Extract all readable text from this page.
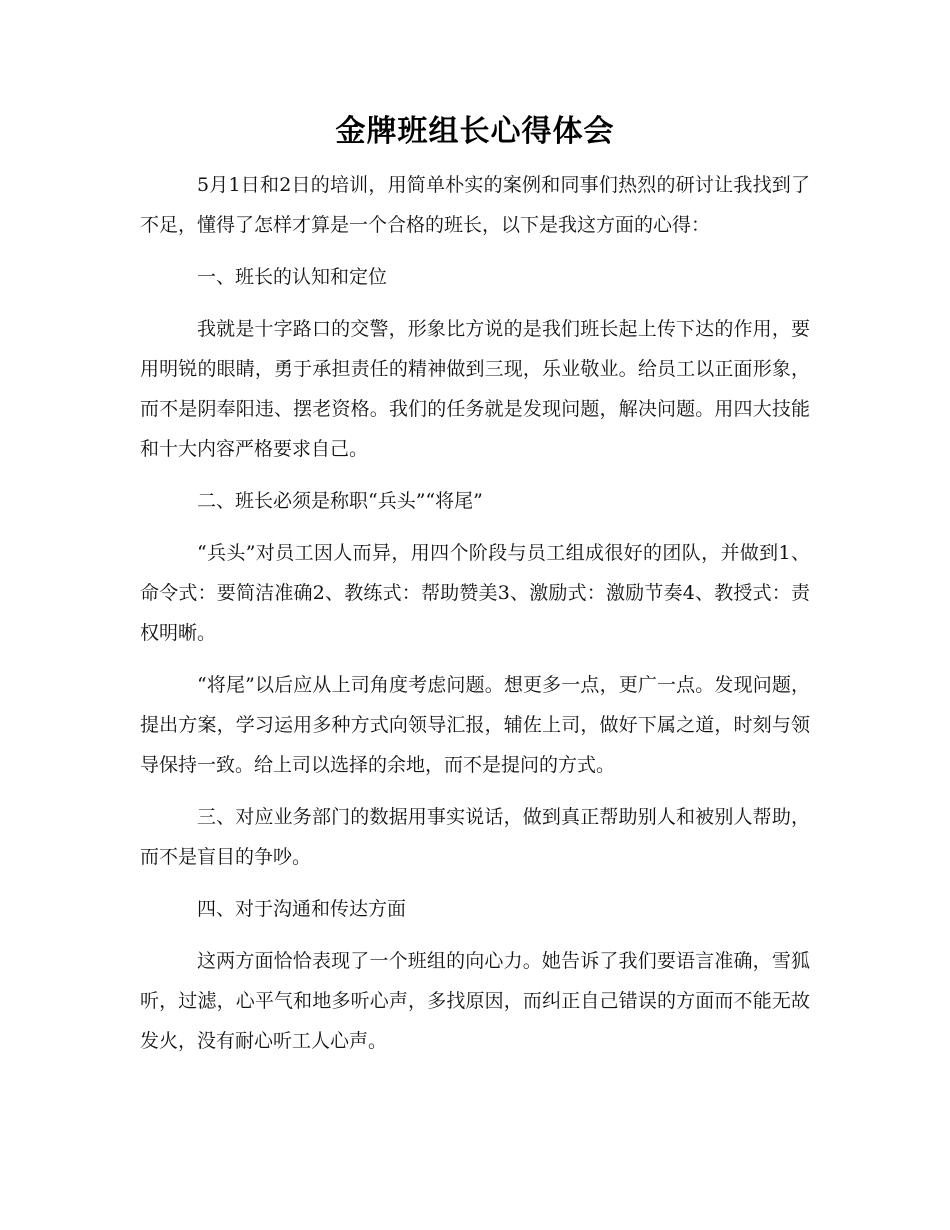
金牌班组长心得体会

5月1日和2日的培训，用简单朴实的案例和同事们热烈的研讨让我找到了不足，懂得了怎样才算是一个合格的班长，以下是我这方面的心得：

一、班长的认知和定位

我就是十字路口的交警，形象比方说的是我们班长起上传下达的作用，要用明锐的眼睛，勇于承担责任的精神做到三现，乐业敬业。给员工以正面形象，而不是阴奉阳违、摆老资格。我们的任务就是发现问题，解决问题。用四大技能和十大内容严格要求自己。

二、班长必须是称职“兵头”“将尾”

“兵头”对员工因人而异，用四个阶段与员工组成很好的团队，并做到1、命令式：要简洁准确2、教练式：帮助赞美3、激励式：激励节奏4、教授式：责权明晰。

“将尾”以后应从上司角度考虑问题。想更多一点，更广一点。发现问题，提出方案，学习运用多种方式向领导汇报，辅佐上司，做好下属之道，时刻与领导保持一致。给上司以选择的余地，而不是提问的方式。

三、对应业务部门的数据用事实说话，做到真正帮助别人和被别人帮助，而不是盲目的争吵。

四、对于沟通和传达方面

这两方面恰恰表现了一个班组的向心力。她告诉了我们要语言准确，雪狐听，过滤，心平气和地多听心声，多找原因，而纠正自己错误的方面而不能无故发火，没有耐心听工人心声。
